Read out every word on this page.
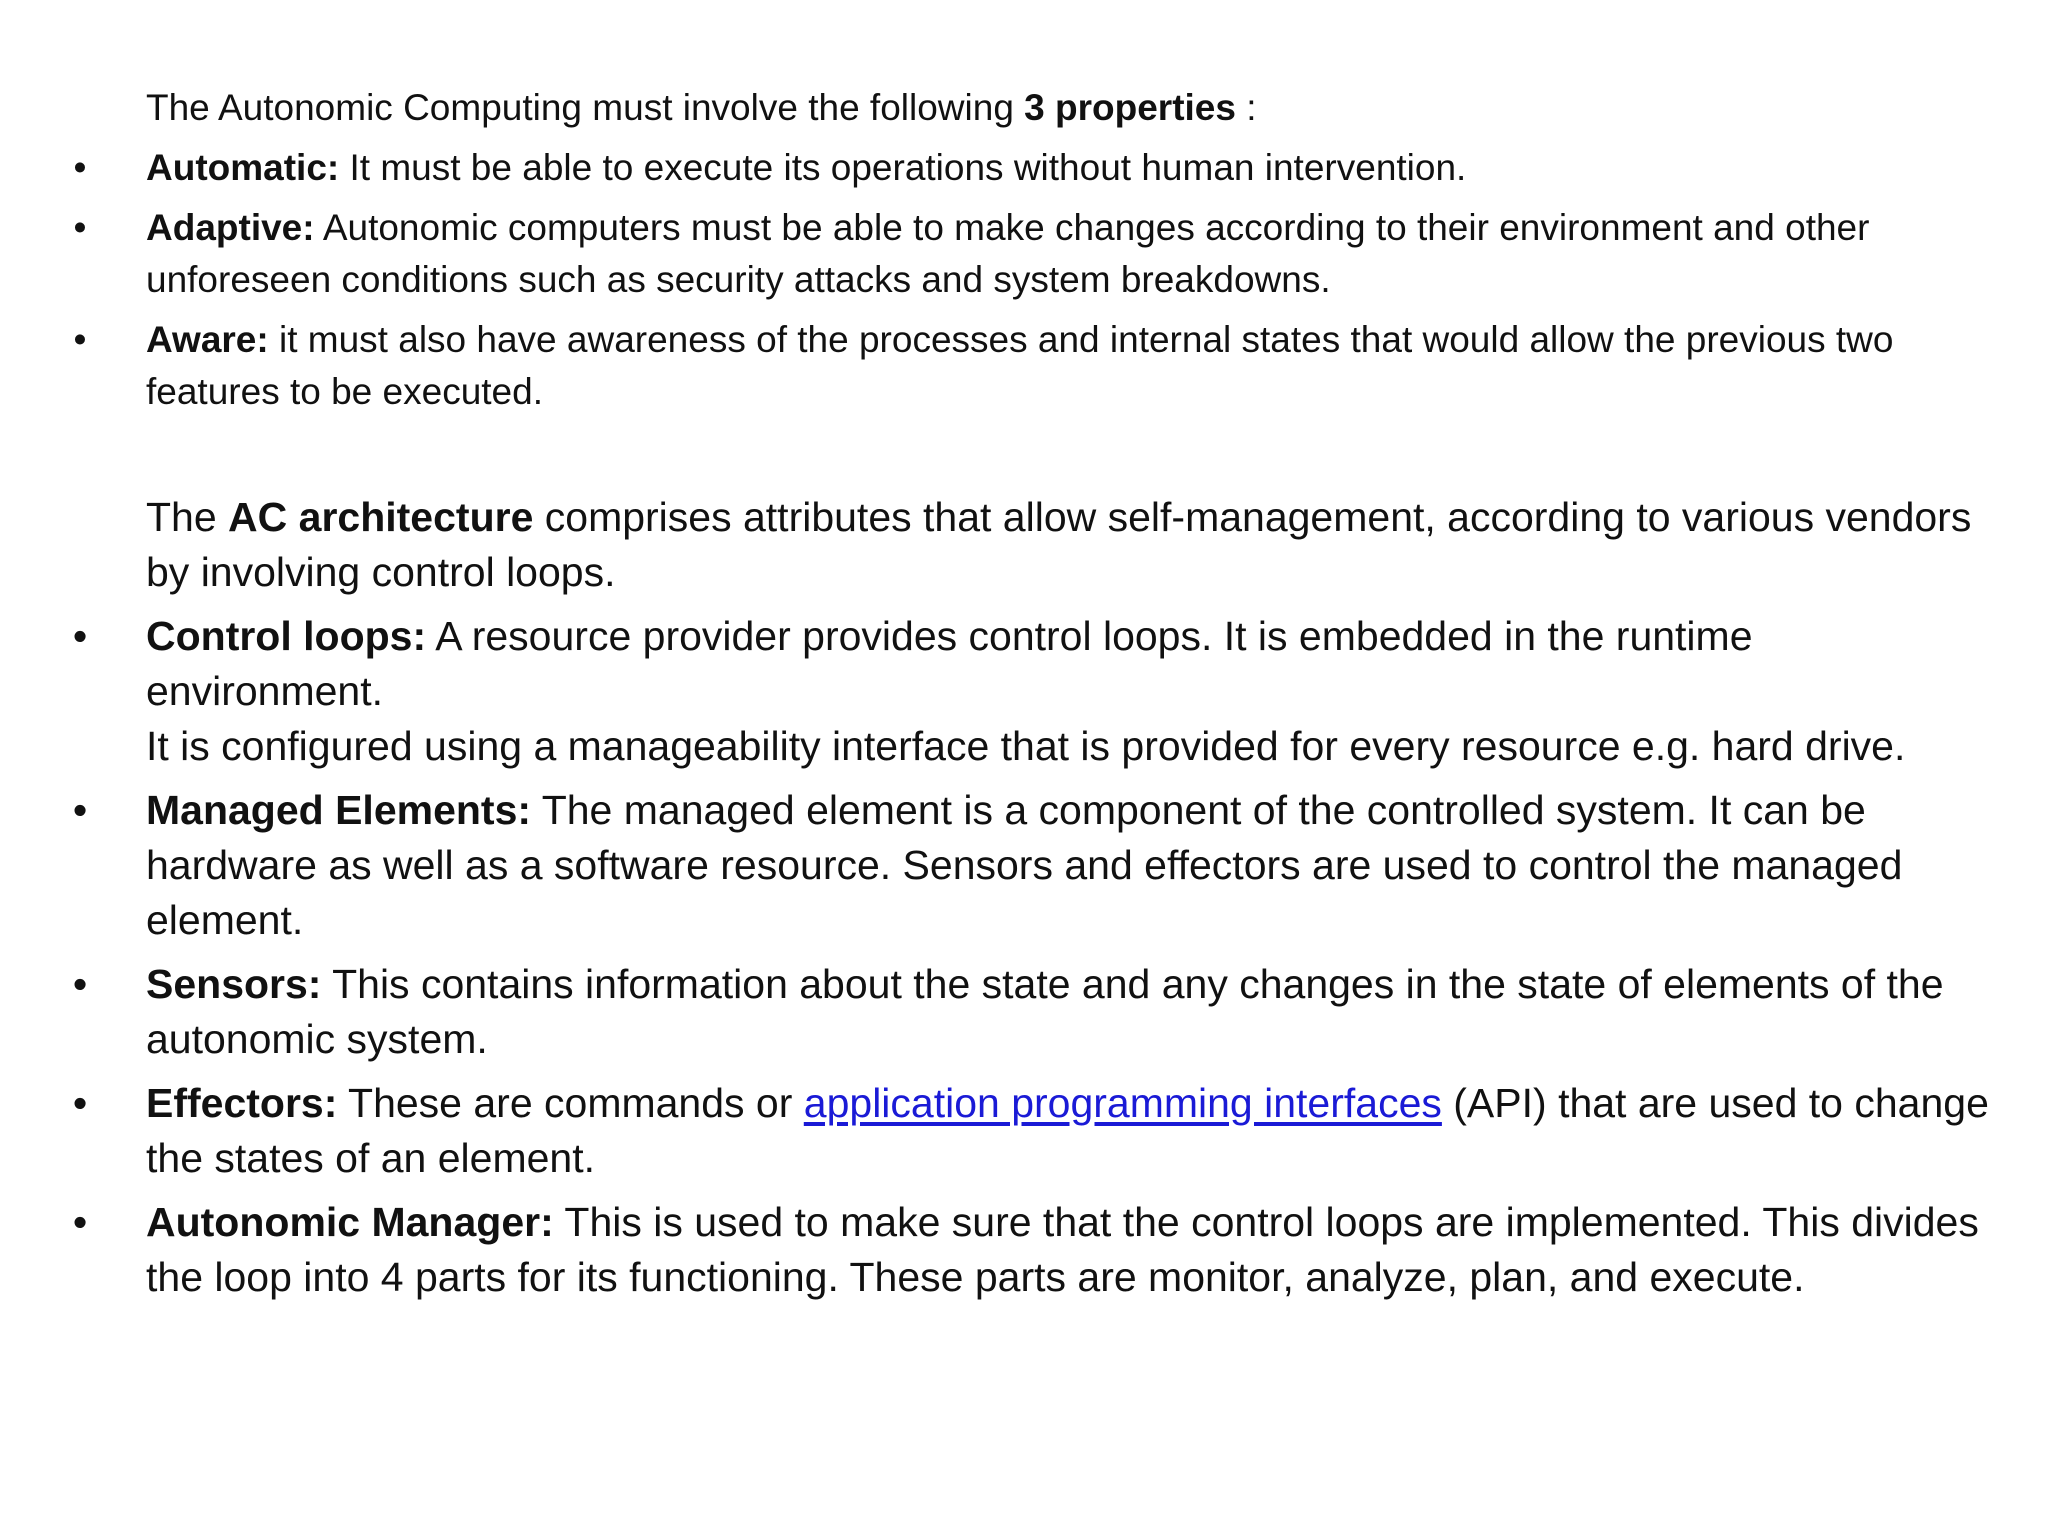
The Autonomic Computing must involve the following 3 properties :

• Automatic: It must be able to execute its operations without human intervention.

• Adaptive: Autonomic computers must be able to make changes according to their environment and other unforeseen conditions such as security attacks and system breakdowns.

• Aware: it must also have awareness of the processes and internal states that would allow the previous two features to be executed.

The AC architecture comprises attributes that allow self-management, according to various vendors by involving control loops.

• Control loops: A resource provider provides control loops. It is embedded in the runtime environment.
It is configured using a manageability interface that is provided for every resource e.g. hard drive.

• Managed Elements: The managed element is a component of the controlled system. It can be hardware as well as a software resource. Sensors and effectors are used to control the managed element.

• Sensors: This contains information about the state and any changes in the state of elements of the autonomic system.

• Effectors: These are commands or application programming interfaces (API) that are used to change the states of an element.

• Autonomic Manager: This is used to make sure that the control loops are implemented. This divides the loop into 4 parts for its functioning. These parts are monitor, analyze, plan, and execute.
